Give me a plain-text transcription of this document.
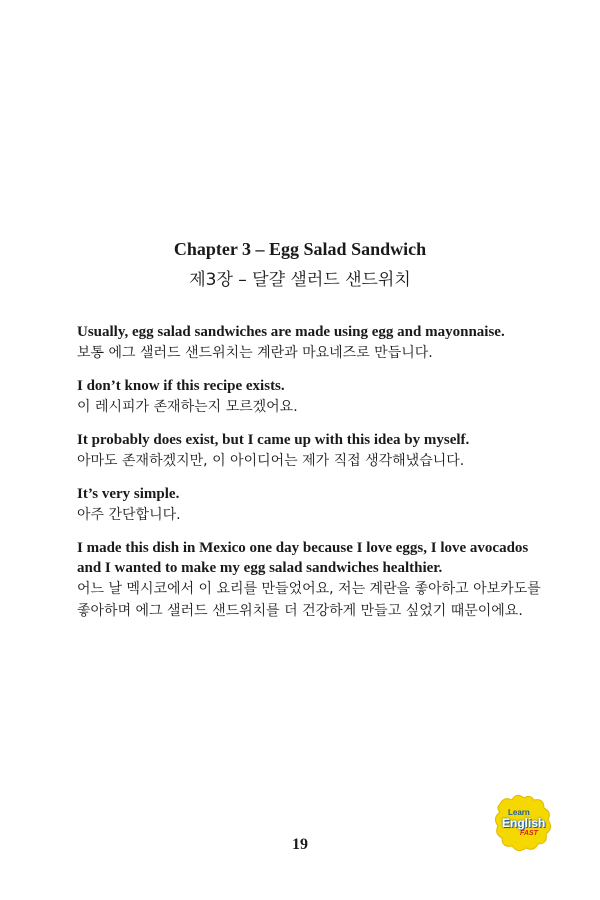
Chapter 3 – Egg Salad Sandwich
제3장 – 달걀 샐러드 샌드위치

Usually, egg salad sandwiches are made using egg and mayonnaise.

보통 에그 샐러드 샌드위치는 계란과 마요네즈로 만듭니다.

I don’t know if this recipe exists.

이 레시피가 존재하는지 모르겠어요.

It probably does exist, but I came up with this idea by myself.

아마도 존재하겠지만, 이 아이디어는 제가 직접 생각해냈습니다.

It’s very simple.

아주 간단합니다.

I made this dish in Mexico one day because I love eggs, I love avocados and I wanted to make my egg salad sandwiches healthier.

어느 날 멕시코에서 이 요리를 만들었어요, 저는 계란을 좋아하고 아보카도를 좋아하며 에그 샐러드 샌드위치를 더 건강하게 만들고 싶었기 때문이에요.

19
Learn
English
FAST
